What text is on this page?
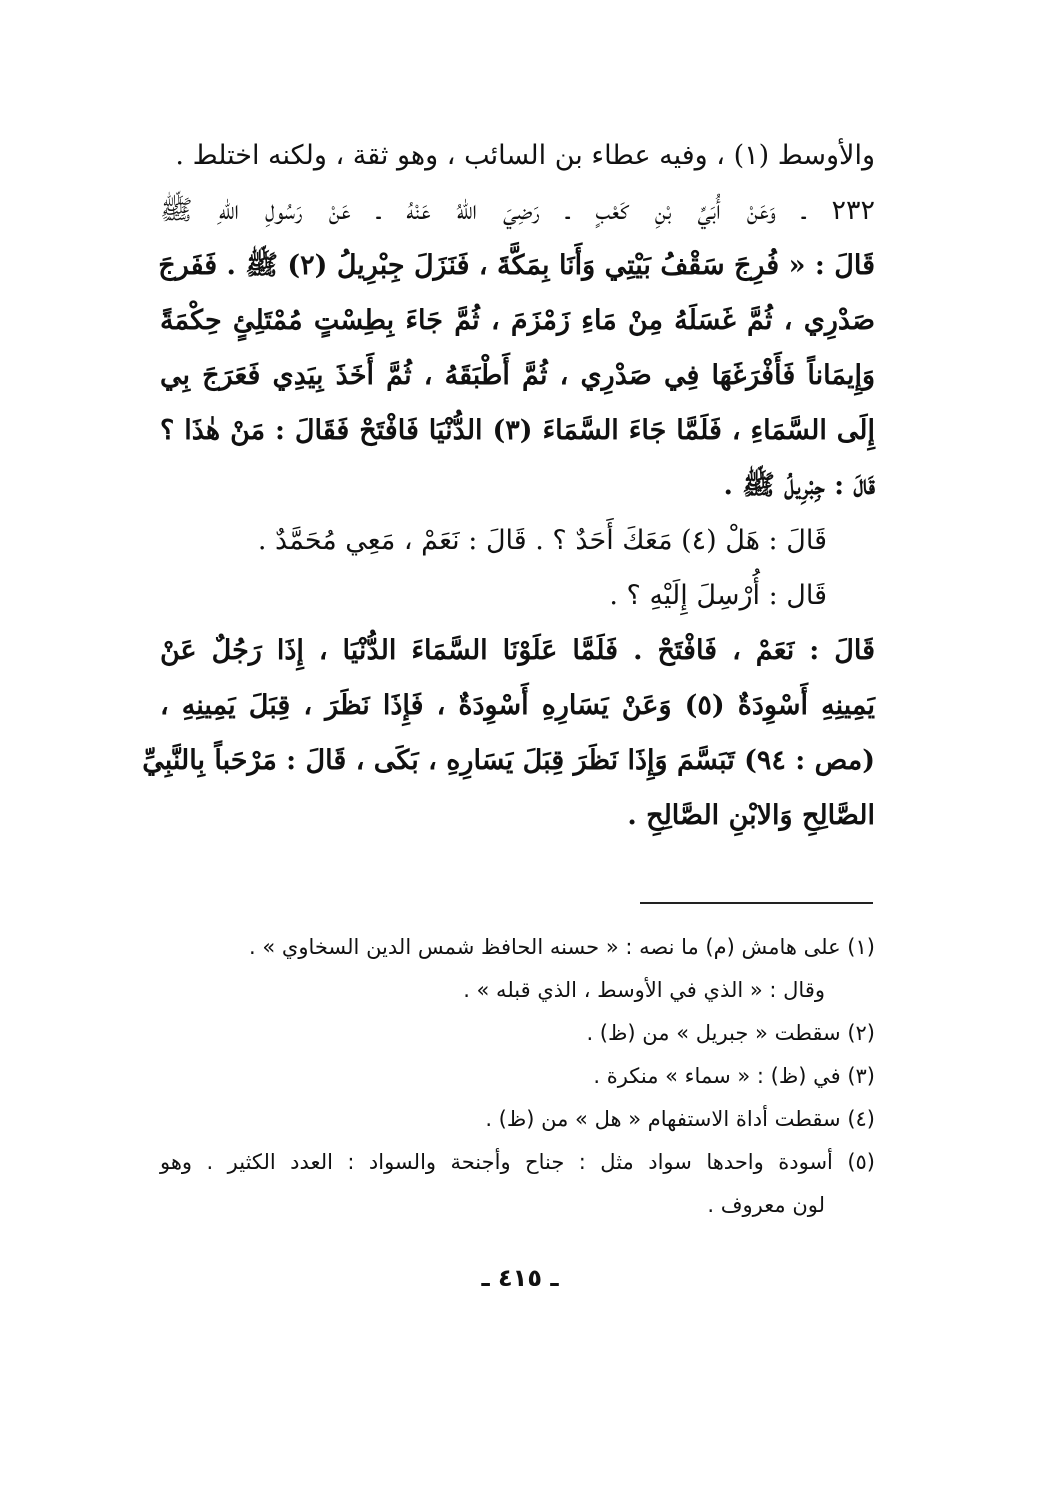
والأوسط (١) ، وفيه عطاء بن السائب ، وهو ثقة ، ولكنه اختلط .
٢٣٢ ـ وَعَنْ أُبَيِّ بْنِ كَعْبٍ ـ رَضِيَ اللهُ عَنْهُ ـ عَنْ رَسُولِ اللهِ ﷺ
قَالَ : « فُرِجَ سَقْفُ بَيْتِي وَأَنَا بِمَكَّةَ ، فَنَزَلَ جِبْرِيلُ (٢) ﷺ . فَفَرجَ
صَدْرِي ، ثُمَّ غَسَلَهُ مِنْ مَاءِ زَمْزَمَ ، ثُمَّ جَاءَ بِطِسْتٍ مُمْتَلِئٍ حِكْمَةً
وَإِيمَاناً فَأَفْرَغَهَا فِي صَدْرِي ، ثُمَّ أَطْبَقَهُ ، ثُمَّ أَخَذَ بِيَدِي فَعَرَجَ بِي
إِلَى السَّمَاءِ ، فَلَمَّا جَاءَ السَّمَاءَ (٣) الدُّنْيَا فَافْتَحْ فَقَالَ : مَنْ هٰذَا ؟
قَالَ : جِبْرِيلُ ﷺ .
قَالَ : هَلْ (٤) مَعَكَ أَحَدٌ ؟ . قَالَ : نَعَمْ ، مَعِي مُحَمَّدٌ .
قَال : أُرْسِلَ إِلَيْهِ ؟ .
قَالَ : نَعَمْ ، فَافْتَحْ . فَلَمَّا عَلَوْنَا السَّمَاءَ الدُّنْيَا ، إِذَا رَجُلٌ عَنْ
يَمِينِهِ أَسْوِدَةٌ (٥) وَعَنْ يَسَارِهِ أَسْوِدَةٌ ، فَإِذَا نَظَرَ ، قِبَلَ يَمِينِهِ ،
(مص : ٩٤) تَبَسَّمَ وَإِذَا نَظَرَ قِبَلَ يَسَارِهِ ، بَكَى ، قَالَ : مَرْحَباً بِالنَّبِيِّ
الصَّالِحِ وَالابْنِ الصَّالِحِ .
(١) على هامش (م) ما نصه : « حسنه الحافظ شمس الدين السخاوي » .
وقال : « الذي في الأوسط ، الذي قبله » .
(٢) سقطت « جبريل » من (ظ) .
(٣) في (ظ) : « سماء » منكرة .
(٤) سقطت أداة الاستفهام « هل » من (ظ) .
(٥) أسودة واحدها سواد مثل : جناح وأجنحة والسواد : العدد الكثير . وهو
لون معروف .
ـ ٤١٥ ـ
